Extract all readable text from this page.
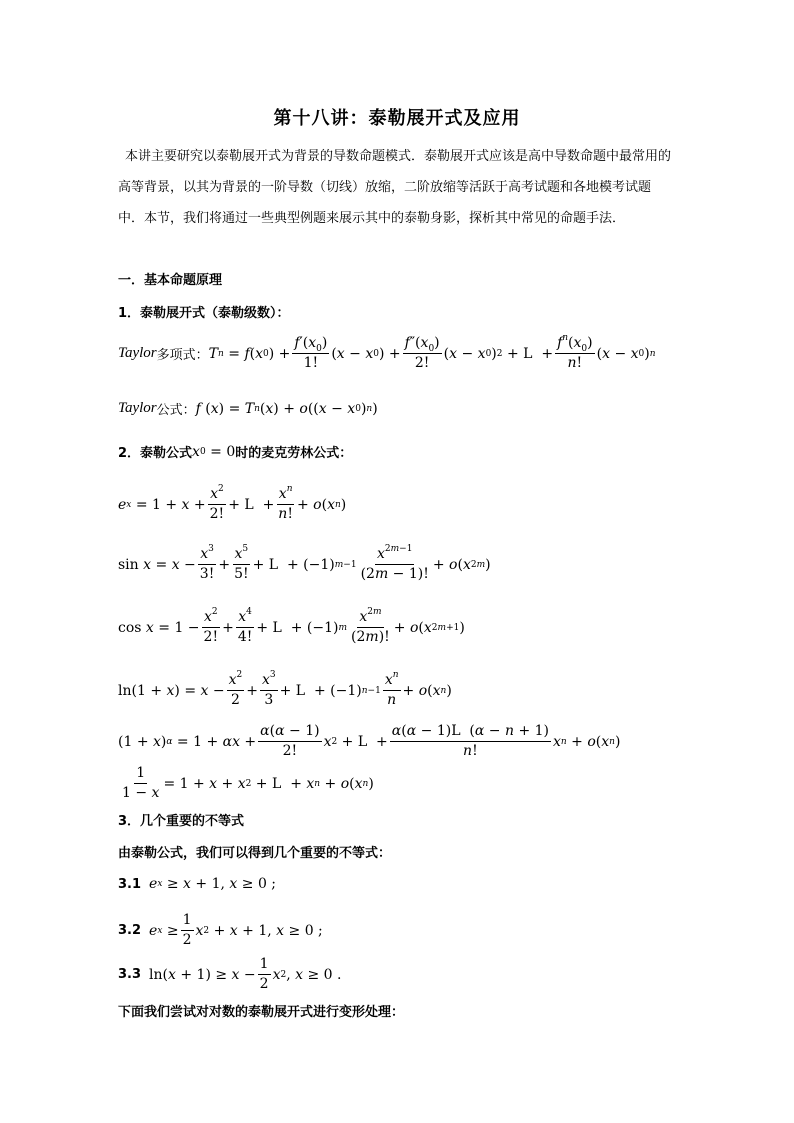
第十八讲：泰勒展开式及应用
本讲主要研究以泰勒展开式为背景的导数命题模式．泰勒展开式应该是高中导数命题中最常用的高等背景，以其为背景的一阶导数（切线）放缩，二阶放缩等活跃于高考试题和各地模考试题中．本节，我们将通过一些典型例题来展示其中的泰勒身影，探析其中常见的命题手法．
一．基本命题原理
1．泰勒展开式（泰勒级数）：
Taylor 多项式： T n = f ( x 0 ) +
$f'(x_0)$
1!
( x − x 0 ) +
$f''(x_0)$
2!
( x − x 0 ) 2 + L  +
$f^n(x_0)$
n!
( x − x 0 ) n
Taylor 公式： f ( x ) = T n ( x ) + o (( x − x 0 ) n )
2．泰勒公式 x 0 = 0 时的麦克劳林公式：
e x = 1 + x +
$x^2$
2!
+ L  +
$x^n$
n!
+ o ( x n )
sin x = x −
$x^3$
3!
+
$x^5$
5!
+ L  + (−1) m−1
$x^{2m-1}$
(2m − 1)!
+ o ( x 2m )
cos x = 1 −
$x^2$
2!
+
$x^4$
4!
+ L  + (−1) m
$x^{2m}$
(2m)!
+ o ( x 2m+1 )
ln(1 + x ) = x −
$x^2$
2
+
$x^3$
3
+ L  + (−1) n−1
$x^n$
n
+ o ( x n )
(1 + x ) α = 1 + αx +
α(α − 1)
2!
x 2 + L  +
α(α − 1)L  (α − n + 1)
n!
x n + o ( x n )
1
1 − x
= 1 + x + x 2 + L  + x n + o ( x n )
3．几个重要的不等式
由泰勒公式，我们可以得到几个重要的不等式：
3.1 e x ≥ x + 1, x ≥ 0 ;
3.2 e x ≥
1
2
x 2 + x + 1, x ≥ 0 ;
3.3 ln( x + 1) ≥ x −
1
2
x 2 , x ≥ 0 .
下面我们尝试对对数的泰勒展开式进行变形处理：
